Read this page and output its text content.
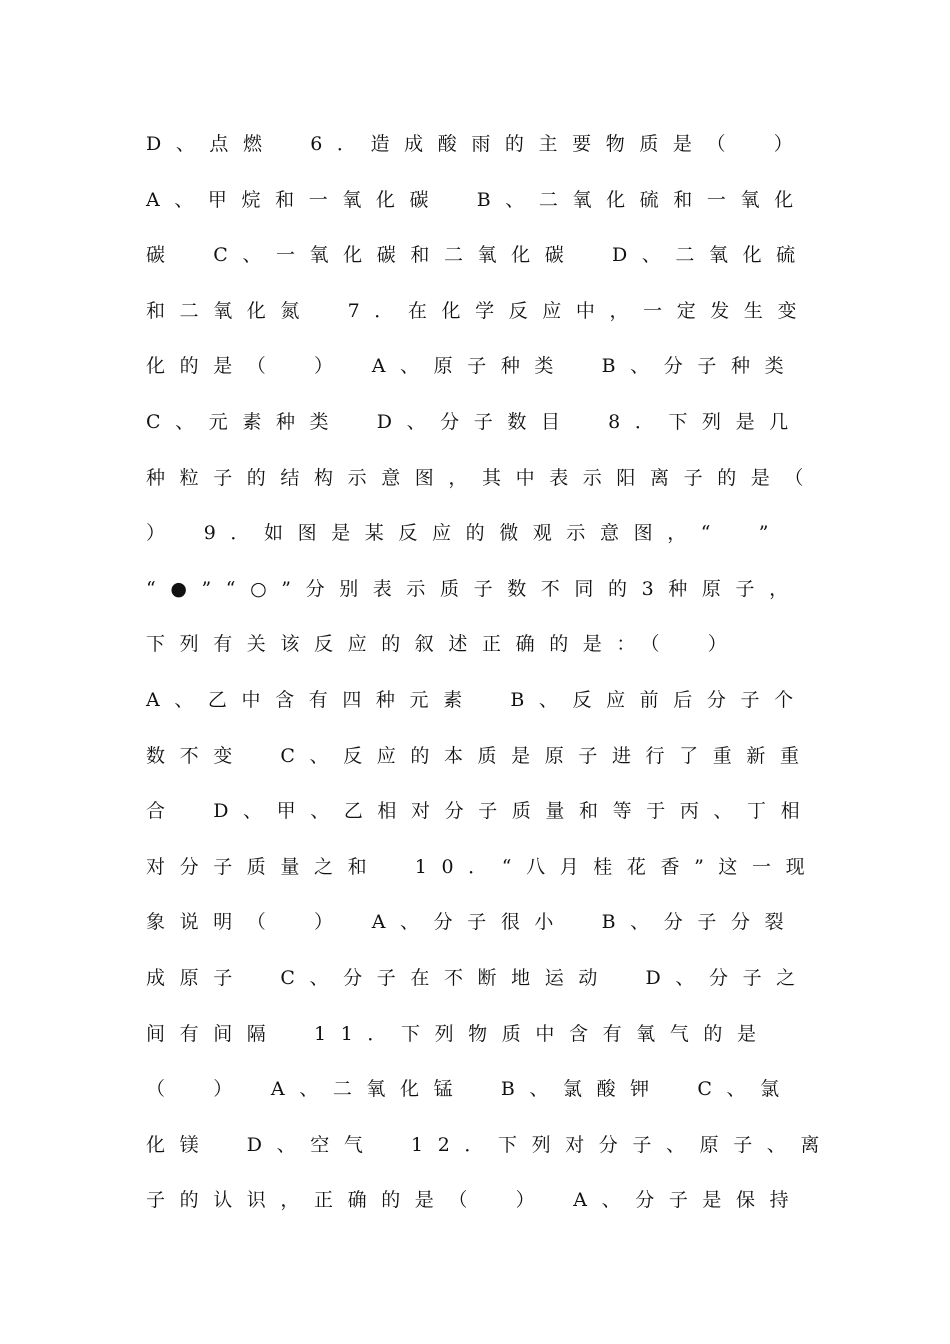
D、点燃　6．造成酸雨的主要物质是（　）
A、甲烷和一氧化碳　B、二氧化硫和一氧化
碳　C、一氧化碳和二氧化碳　D、二氧化硫
和二氧化氮　7．在化学反应中，一定发生变
化的是（　）　A、原子种类　B、分子种类
C、元素种类　D、分子数目　8．下列是几
种粒子的结构示意图，其中表示阳离子的是（
）　9．如图是某反应的微观示意图，“　”
“●”“○”分别表示质子数不同的3种原子，
下列有关该反应的叙述正确的是：（　）
A、乙中含有四种元素　B、反应前后分子个
数不变　C、反应的本质是原子进行了重新重
合　D、甲、乙相对分子质量和等于丙、丁相
对分子质量之和　10．“八月桂花香”这一现
象说明（　）　A、分子很小　B、分子分裂
成原子　C、分子在不断地运动　D、分子之
间有间隔　11．下列物质中含有氧气的是
（　）　A、二氧化锰　B、氯酸钾　C、氯
化镁　D、空气　12．下列对分子、原子、离
子的认识，正确的是（　）　A、分子是保持
